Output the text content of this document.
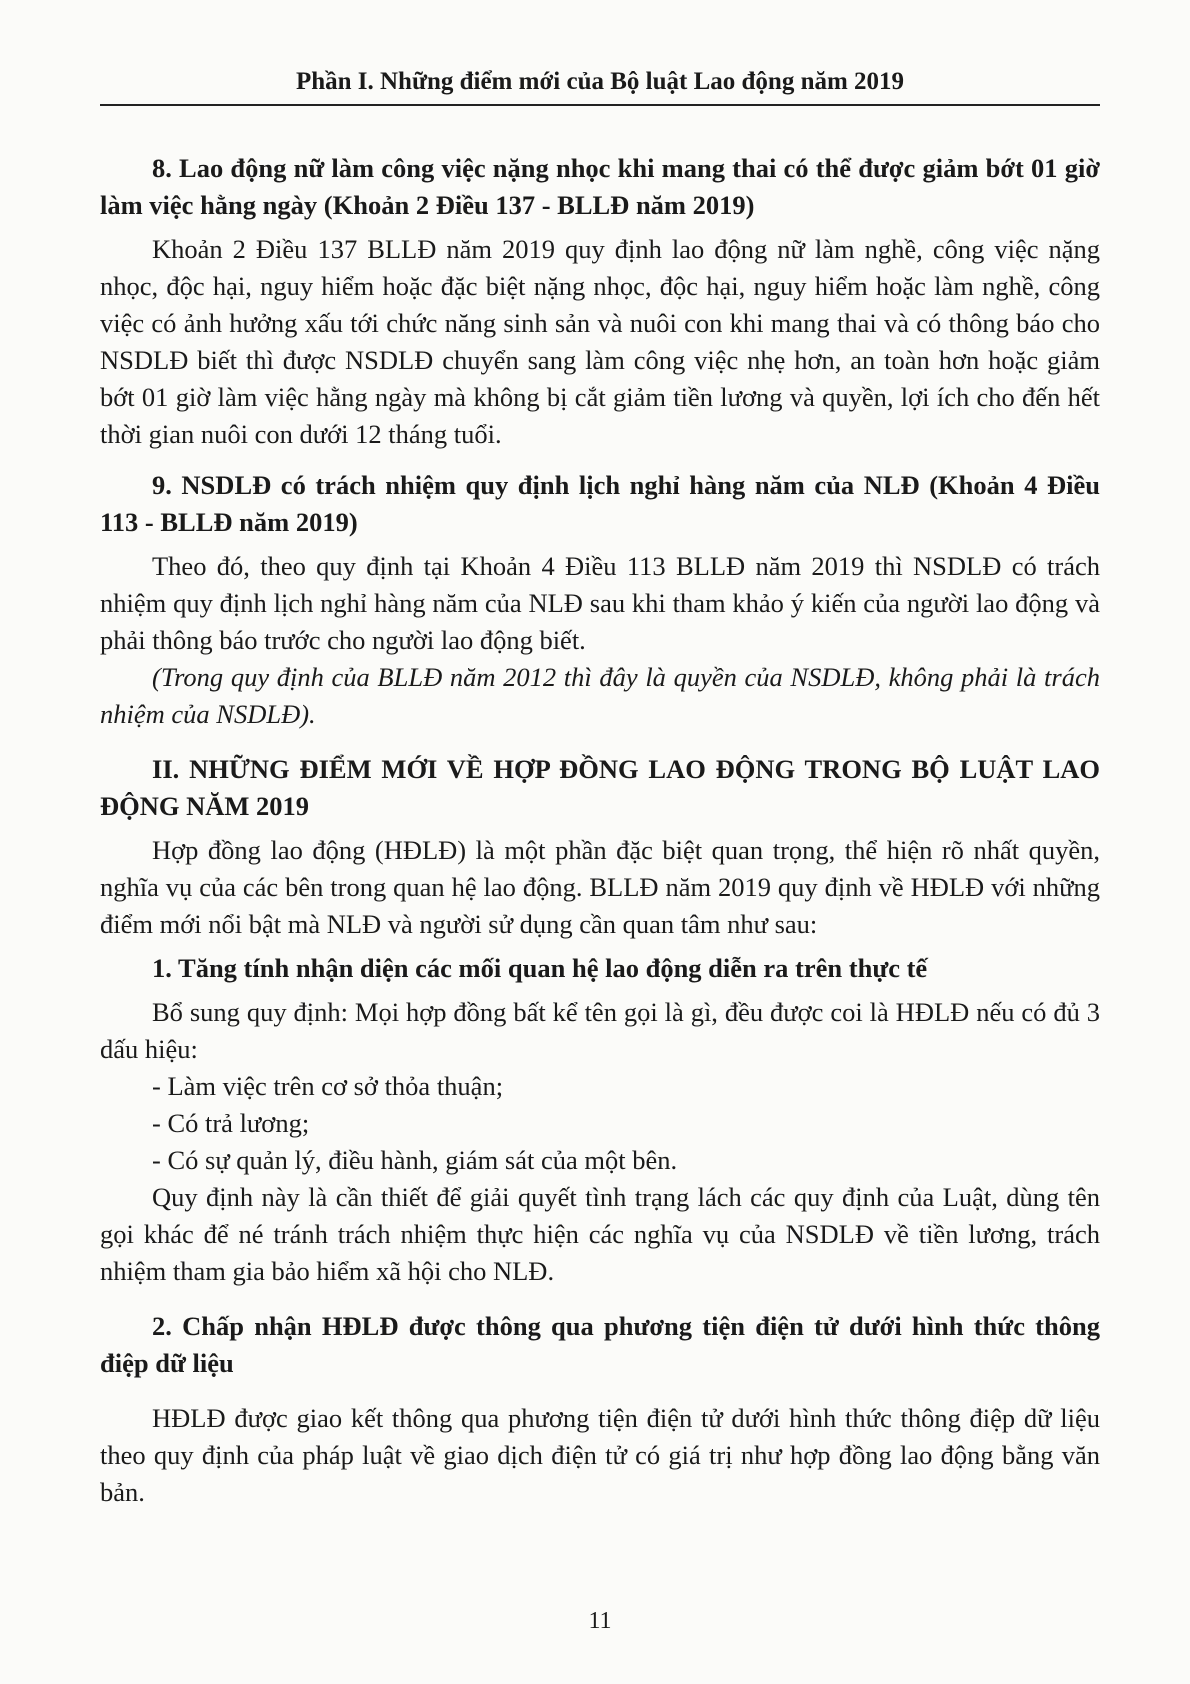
Phần I. Những điểm mới của Bộ luật Lao động năm 2019

8. Lao động nữ làm công việc nặng nhọc khi mang thai có thể được giảm bớt 01 giờ làm việc hằng ngày (Khoản 2 Điều 137 - BLLĐ năm 2019)

Khoản 2 Điều 137 BLLĐ năm 2019 quy định lao động nữ làm nghề, công việc nặng nhọc, độc hại, nguy hiểm hoặc đặc biệt nặng nhọc, độc hại, nguy hiểm hoặc làm nghề, công việc có ảnh hưởng xấu tới chức năng sinh sản và nuôi con khi mang thai và có thông báo cho NSDLĐ biết thì được NSDLĐ chuyển sang làm công việc nhẹ hơn, an toàn hơn hoặc giảm bớt 01 giờ làm việc hằng ngày mà không bị cắt giảm tiền lương và quyền, lợi ích cho đến hết thời gian nuôi con dưới 12 tháng tuổi.

9. NSDLĐ có trách nhiệm quy định lịch nghỉ hàng năm của NLĐ (Khoản 4 Điều 113 - BLLĐ năm 2019)

Theo đó, theo quy định tại Khoản 4 Điều 113 BLLĐ năm 2019 thì NSDLĐ có trách nhiệm quy định lịch nghỉ hàng năm của NLĐ sau khi tham khảo ý kiến của người lao động và phải thông báo trước cho người lao động biết.

(Trong quy định của BLLĐ năm 2012 thì đây là quyền của NSDLĐ, không phải là trách nhiệm của NSDLĐ).

II. NHỮNG ĐIỂM MỚI VỀ HỢP ĐỒNG LAO ĐỘNG TRONG BỘ LUẬT LAO ĐỘNG NĂM 2019

Hợp đồng lao động (HĐLĐ) là một phần đặc biệt quan trọng, thể hiện rõ nhất quyền, nghĩa vụ của các bên trong quan hệ lao động. BLLĐ năm 2019 quy định về HĐLĐ với những điểm mới nổi bật mà NLĐ và người sử dụng cần quan tâm như sau:

1. Tăng tính nhận diện các mối quan hệ lao động diễn ra trên thực tế

Bổ sung quy định: Mọi hợp đồng bất kể tên gọi là gì, đều được coi là HĐLĐ nếu có đủ 3 dấu hiệu:

- Làm việc trên cơ sở thỏa thuận;

- Có trả lương;

- Có sự quản lý, điều hành, giám sát của một bên.

Quy định này là cần thiết để giải quyết tình trạng lách các quy định của Luật, dùng tên gọi khác để né tránh trách nhiệm thực hiện các nghĩa vụ của NSDLĐ về tiền lương, trách nhiệm tham gia bảo hiểm xã hội cho NLĐ.

2. Chấp nhận HĐLĐ được thông qua phương tiện điện tử dưới hình thức thông điệp dữ liệu

HĐLĐ được giao kết thông qua phương tiện điện tử dưới hình thức thông điệp dữ liệu theo quy định của pháp luật về giao dịch điện tử có giá trị như hợp đồng lao động bằng văn bản.

11
